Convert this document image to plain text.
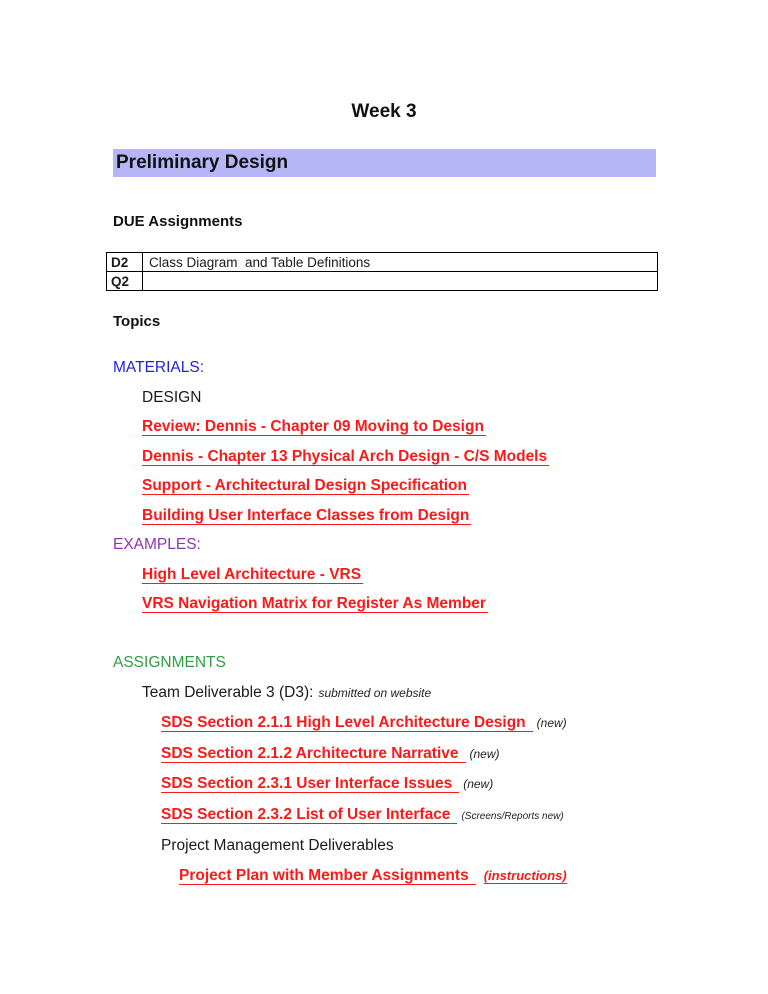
Week 3
Preliminary Design
DUE Assignments
D2	Class Diagram  and Table Definitions
Q2	
Topics
MATERIALS:
DESIGN
Review: Dennis - Chapter 09 Moving to Design
Dennis - Chapter 13 Physical Arch Design - C/S Models
Support - Architectural Design Specification
Building User Interface Classes from Design
EXAMPLES:
High Level Architecture - VRS
VRS Navigation Matrix for Register As Member

ASSIGNMENTS
Team Deliverable 3 (D3): submitted on website
SDS Section 2.1.1 High Level Architecture Design (new)
SDS Section 2.1.2 Architecture Narrative (new)
SDS Section 2.3.1 User Interface Issues (new)
SDS Section 2.3.2 List of User Interface (Screens/Reports new)
Project Management Deliverables
Project Plan with Member Assignments (instructions)
